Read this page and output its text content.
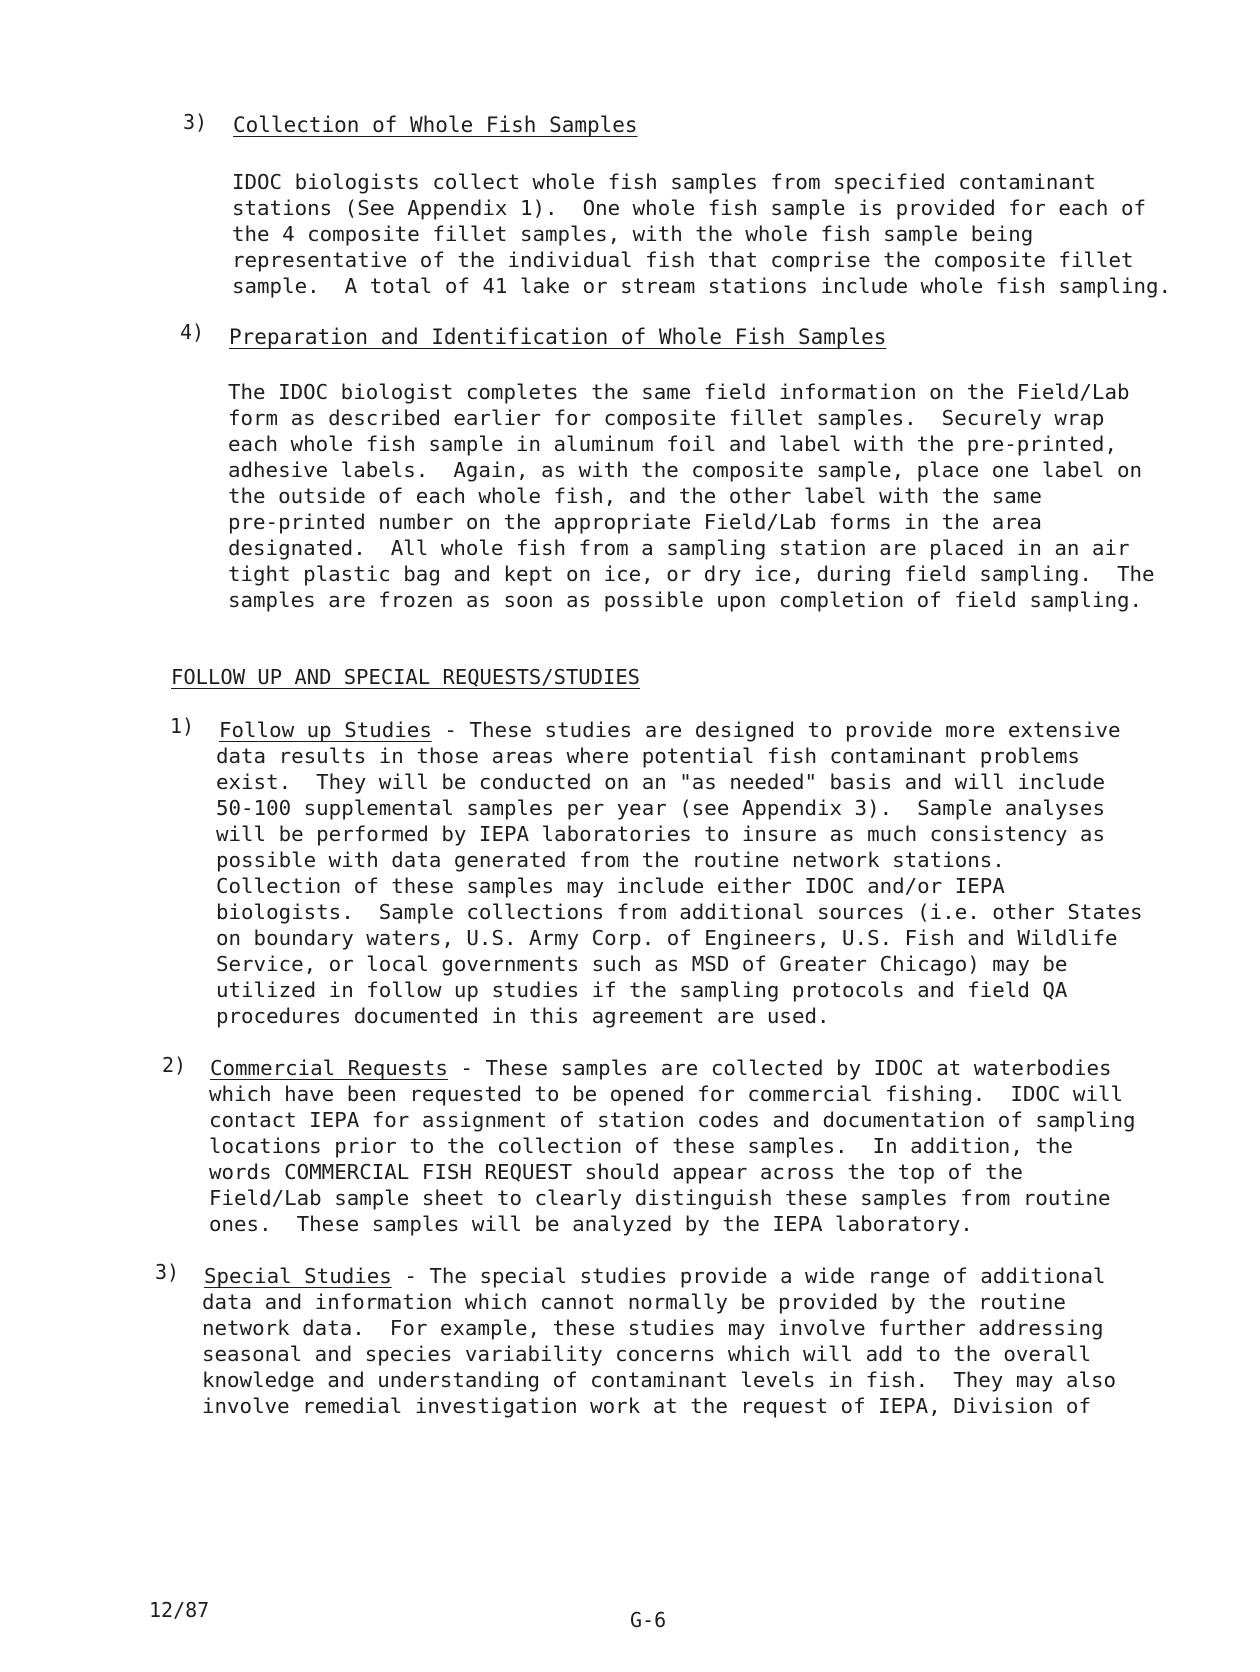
3) Collection of Whole Fish Samples
IDOC biologists collect whole fish samples from specified contaminant
stations (See Appendix 1).  One whole fish sample is provided for each of
the 4 composite fillet samples, with the whole fish sample being
representative of the individual fish that comprise the composite fillet
sample.  A total of 41 lake or stream stations include whole fish sampling.
4) Preparation and Identification of Whole Fish Samples
The IDOC biologist completes the same field information on the Field/Lab
form as described earlier for composite fillet samples.  Securely wrap
each whole fish sample in aluminum foil and label with the pre-printed,
adhesive labels.  Again, as with the composite sample, place one label on
the outside of each whole fish, and the other label with the same
pre-printed number on the appropriate Field/Lab forms in the area
designated.  All whole fish from a sampling station are placed in an air
tight plastic bag and kept on ice, or dry ice, during field sampling.  The
samples are frozen as soon as possible upon completion of field sampling.
FOLLOW UP AND SPECIAL REQUESTS/STUDIES
1) Follow up Studies - These studies are designed to provide more extensive
data results in those areas where potential fish contaminant problems
exist.  They will be conducted on an "as needed" basis and will include
50-100 supplemental samples per year (see Appendix 3).  Sample analyses
will be performed by IEPA laboratories to insure as much consistency as
possible with data generated from the routine network stations.
Collection of these samples may include either IDOC and/or IEPA
biologists.  Sample collections from additional sources (i.e. other States
on boundary waters, U.S. Army Corp. of Engineers, U.S. Fish and Wildlife
Service, or local governments such as MSD of Greater Chicago) may be
utilized in follow up studies if the sampling protocols and field QA
procedures documented in this agreement are used.
2) Commercial Requests - These samples are collected by IDOC at waterbodies
which have been requested to be opened for commercial fishing.  IDOC will
contact IEPA for assignment of station codes and documentation of sampling
locations prior to the collection of these samples.  In addition, the
words COMMERCIAL FISH REQUEST should appear across the top of the
Field/Lab sample sheet to clearly distinguish these samples from routine
ones.  These samples will be analyzed by the IEPA laboratory.
3) Special Studies - The special studies provide a wide range of additional
data and information which cannot normally be provided by the routine
network data.  For example, these studies may involve further addressing
seasonal and species variability concerns which will add to the overall
knowledge and understanding of contaminant levels in fish.  They may also
involve remedial investigation work at the request of IEPA, Division of
12/87	G-6
